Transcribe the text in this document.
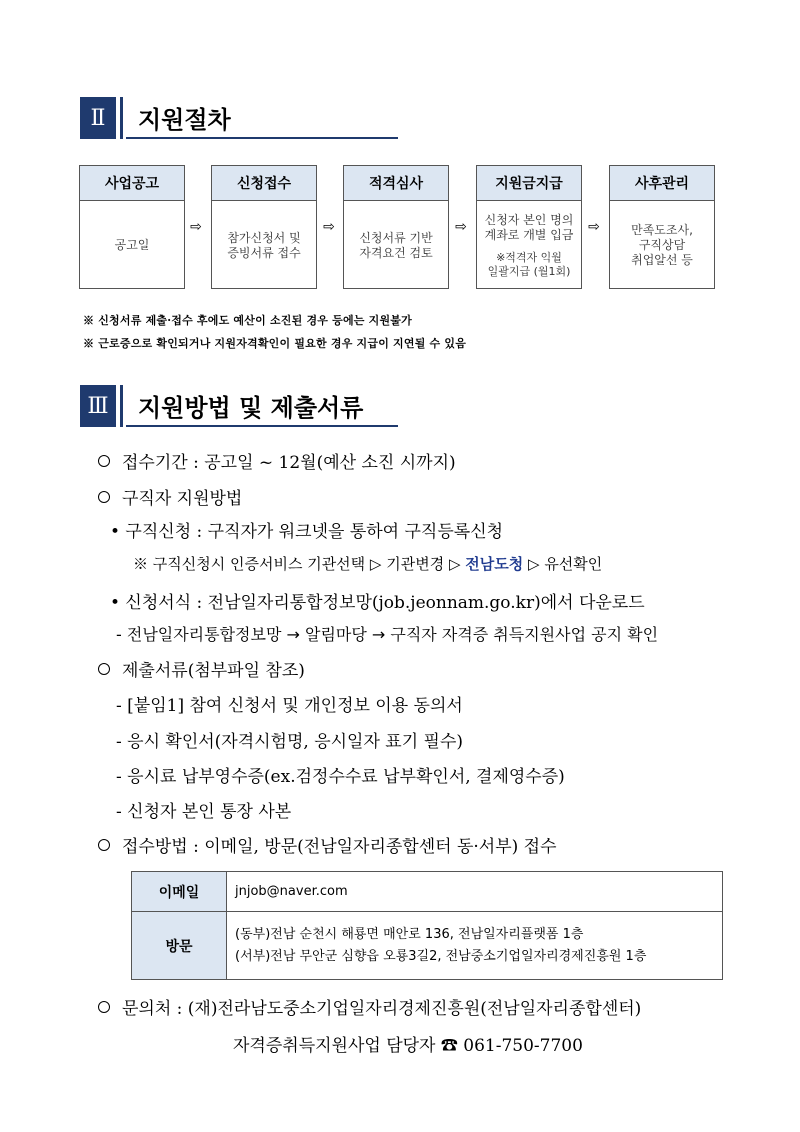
Ⅱ	지원절차
사업공고
공고일
⇨
신청접수
참가신청서 및
증빙서류 접수
⇨
적격심사
신청서류 기반
자격요건 검토
⇨
지원금지급
신청자 본인 명의
계좌로 개별 입금
※적격자 익월
일괄지급 (월1회)
⇨
사후관리
만족도조사,
구직상담
취업알선 등
※ 신청서류 제출·접수 후에도 예산이 소진된 경우 등에는 지원불가
※ 근로증으로 확인되거나 지원자격확인이 필요한 경우 지급이 지연될 수 있음
Ⅲ	지원방법 및 제출서류
접수기간 : 공고일 ~ 12월(예산 소진 시까지)
구직자 지원방법
• 구직신청 : 구직자가 워크넷을 통하여 구직등록신청
※ 구직신청시 인증서비스 기관선택 ▷ 기관변경 ▷ 전남도청 ▷ 유선확인
• 신청서식 : 전남일자리통합정보망(job.jeonnam.go.kr)에서 다운로드
- 전남일자리통합정보망 → 알림마당 → 구직자 자격증 취득지원사업 공지 확인
제출서류(첨부파일 참조)
- [붙임1] 참여 신청서 및 개인정보 이용 동의서
- 응시 확인서(자격시험명, 응시일자 표기 필수)
- 응시료 납부영수증(ex.검정수수료 납부확인서, 결제영수증)
- 신청자 본인 통장 사본
접수방법 : 이메일, 방문(전남일자리종합센터 동·서부) 접수
이메일	jnjob@naver.com
방문	(동부)전남 순천시 해룡면 매안로 136, 전남일자리플랫폼 1층
(서부)전남 무안군 심향읍 오룡3길2, 전남중소기업일자리경제진흥원 1층
문의처 : (재)전라남도중소기업일자리경제진흥원(전남일자리종합센터)
자격증취득지원사업 담당자 ☎ 061-750-7700
